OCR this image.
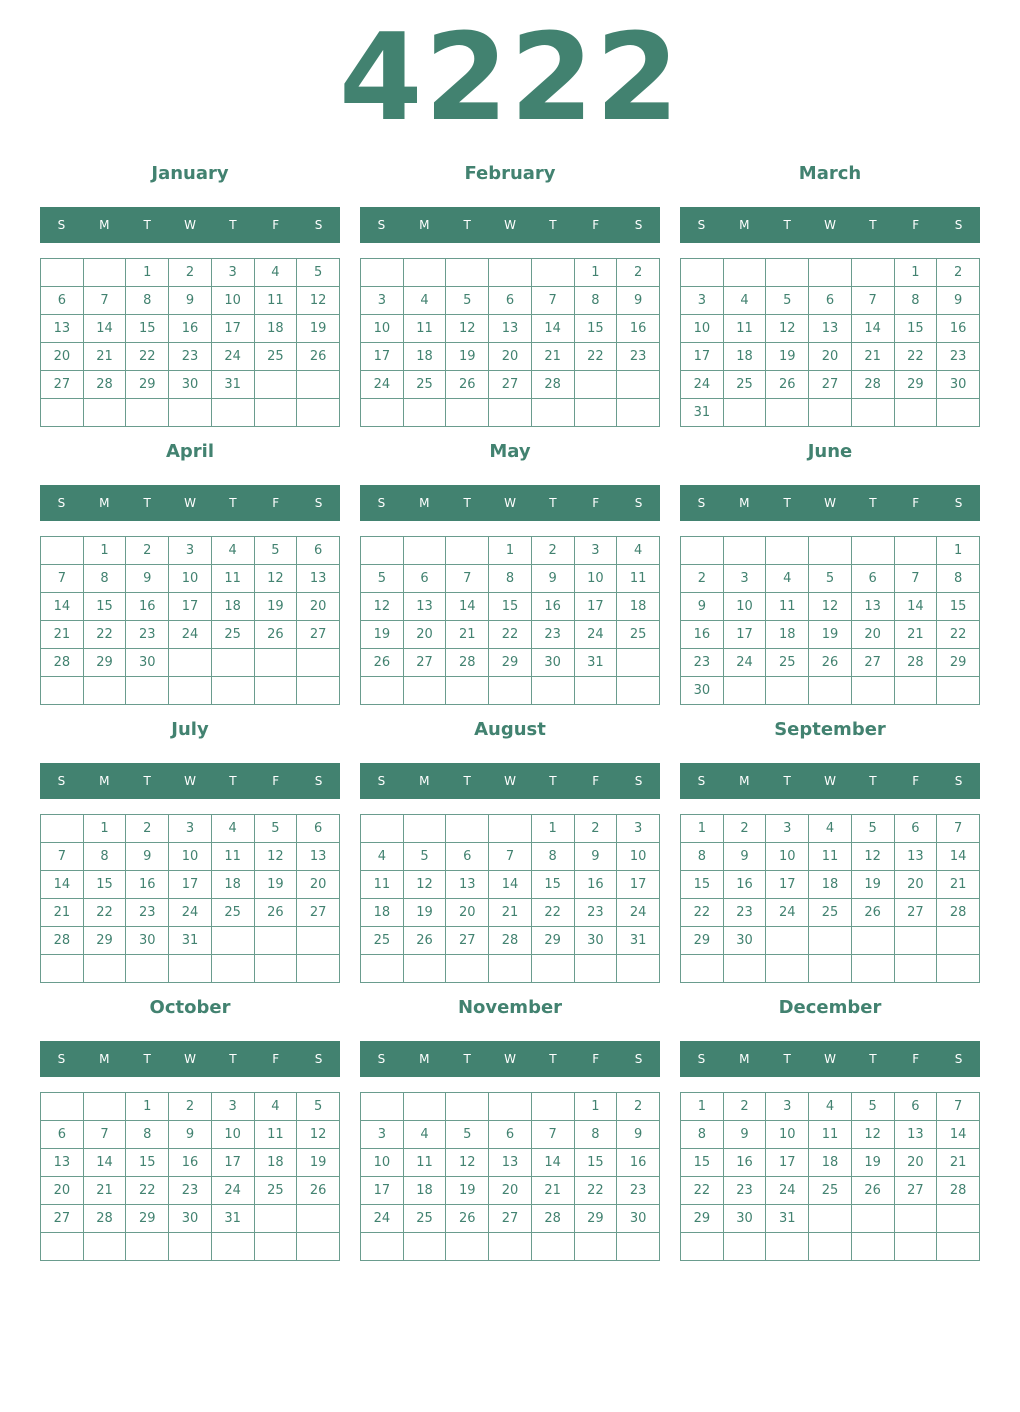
4222
January
S	M	T	W	T	F	S
		1	2	3	4	5
6	7	8	9	10	11	12
13	14	15	16	17	18	19
20	21	22	23	24	25	26
27	28	29	30	31		

February
S	M	T	W	T	F	S
					1	2
3	4	5	6	7	8	9
10	11	12	13	14	15	16
17	18	19	20	21	22	23
24	25	26	27	28		

March
S	M	T	W	T	F	S
					1	2
3	4	5	6	7	8	9
10	11	12	13	14	15	16
17	18	19	20	21	22	23
24	25	26	27	28	29	30
31						
April
S	M	T	W	T	F	S
	1	2	3	4	5	6
7	8	9	10	11	12	13
14	15	16	17	18	19	20
21	22	23	24	25	26	27
28	29	30				

May
S	M	T	W	T	F	S
			1	2	3	4
5	6	7	8	9	10	11
12	13	14	15	16	17	18
19	20	21	22	23	24	25
26	27	28	29	30	31	

June
S	M	T	W	T	F	S
						1
2	3	4	5	6	7	8
9	10	11	12	13	14	15
16	17	18	19	20	21	22
23	24	25	26	27	28	29
30						
July
S	M	T	W	T	F	S
	1	2	3	4	5	6
7	8	9	10	11	12	13
14	15	16	17	18	19	20
21	22	23	24	25	26	27
28	29	30	31			

August
S	M	T	W	T	F	S
				1	2	3
4	5	6	7	8	9	10
11	12	13	14	15	16	17
18	19	20	21	22	23	24
25	26	27	28	29	30	31

September
S	M	T	W	T	F	S
1	2	3	4	5	6	7
8	9	10	11	12	13	14
15	16	17	18	19	20	21
22	23	24	25	26	27	28
29	30					

October
S	M	T	W	T	F	S
		1	2	3	4	5
6	7	8	9	10	11	12
13	14	15	16	17	18	19
20	21	22	23	24	25	26
27	28	29	30	31		

November
S	M	T	W	T	F	S
					1	2
3	4	5	6	7	8	9
10	11	12	13	14	15	16
17	18	19	20	21	22	23
24	25	26	27	28	29	30

December
S	M	T	W	T	F	S
1	2	3	4	5	6	7
8	9	10	11	12	13	14
15	16	17	18	19	20	21
22	23	24	25	26	27	28
29	30	31				
